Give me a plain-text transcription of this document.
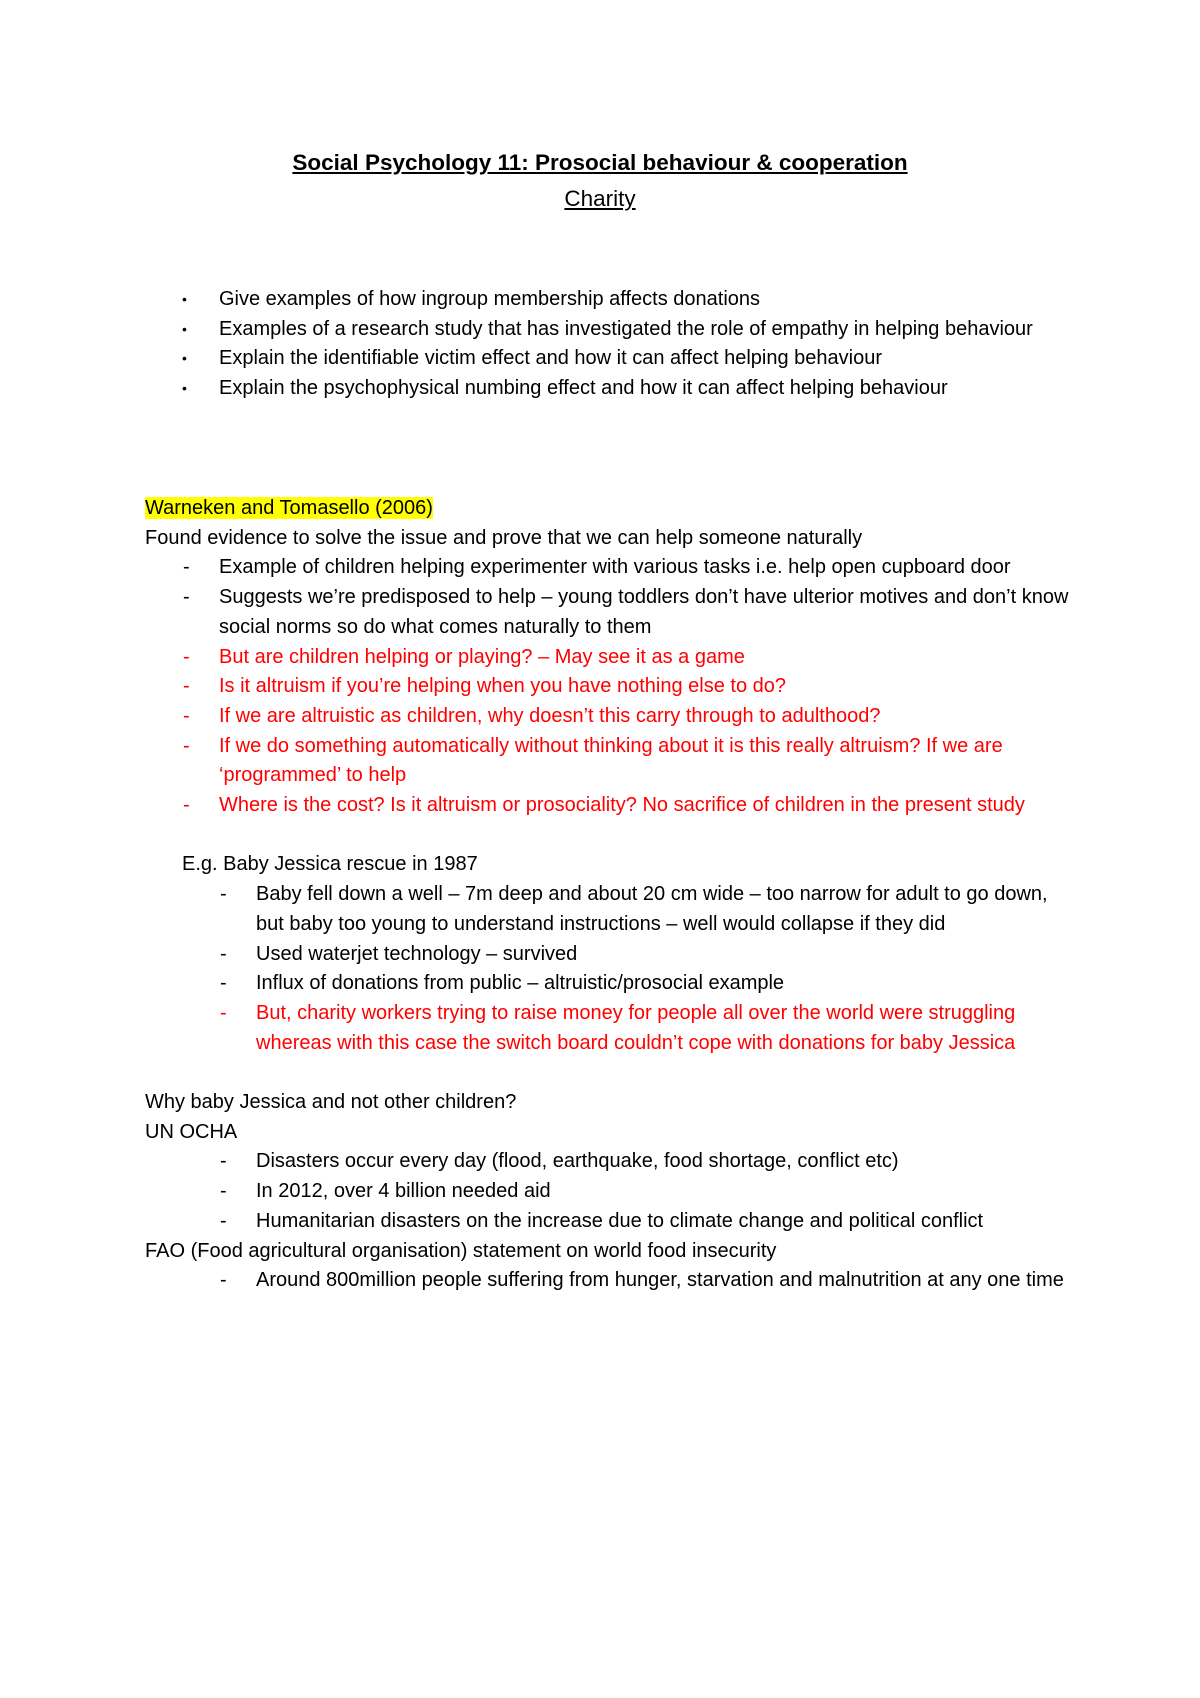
Social Psychology 11: Prosocial behaviour & cooperation
Charity
• Give examples of how ingroup membership affects donations
• Examples of a research study that has investigated the role of empathy in helping behaviour
• Explain the identifiable victim effect and how it can affect helping behaviour
• Explain the psychophysical numbing effect and how it can affect helping behaviour
Warneken and Tomasello (2006)
Found evidence to solve the issue and prove that we can help someone naturally
- Example of children helping experimenter with various tasks i.e. help open cupboard door
- Suggests we’re predisposed to help – young toddlers don’t have ulterior motives and don’t know social norms so do what comes naturally to them
- But are children helping or playing? – May see it as a game
- Is it altruism if you’re helping when you have nothing else to do?
- If we are altruistic as children, why doesn’t this carry through to adulthood?
- If we do something automatically without thinking about it is this really altruism? If we are ‘programmed’ to help
- Where is the cost? Is it altruism or prosociality? No sacrifice of children in the present study
E.g. Baby Jessica rescue in 1987
- Baby fell down a well – 7m deep and about 20 cm wide – too narrow for adult to go down, but baby too young to understand instructions – well would collapse if they did
- Used waterjet technology – survived
- Influx of donations from public – altruistic/prosocial example
- But, charity workers trying to raise money for people all over the world were struggling whereas with this case the switch board couldn’t cope with donations for baby Jessica
Why baby Jessica and not other children?
UN OCHA
- Disasters occur every day (flood, earthquake, food shortage, conflict etc)
- In 2012, over 4 billion needed aid
- Humanitarian disasters on the increase due to climate change and political conflict
FAO (Food agricultural organisation) statement on world food insecurity
- Around 800million people suffering from hunger, starvation and malnutrition at any one time
